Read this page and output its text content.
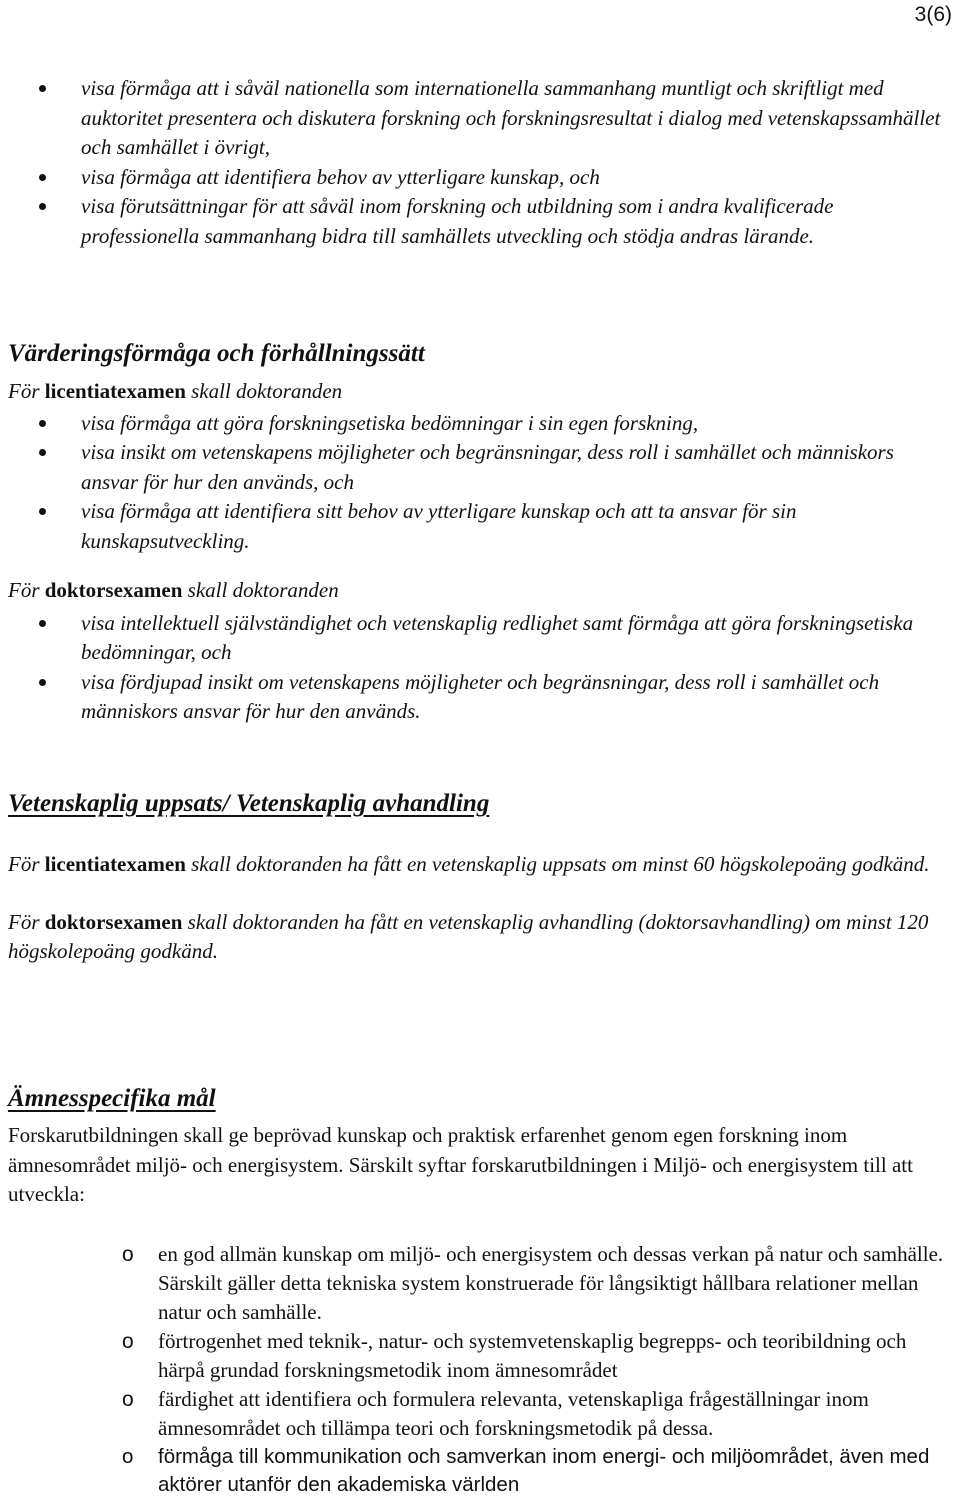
3(6)
visa förmåga att i såväl nationella som internationella sammanhang muntligt och skriftligt med auktoritet presentera och diskutera forskning och forskningsresultat i dialog med vetenskapssamhället och samhället i övrigt,
visa förmåga att identifiera behov av ytterligare kunskap, och
visa förutsättningar för att såväl inom forskning och utbildning som i andra kvalificerade professionella sammanhang bidra till samhällets utveckling och stödja andras lärande.
Värderingsförmåga och förhållningssätt

För licentiatexamen skall doktoranden

visa förmåga att göra forskningsetiska bedömningar i sin egen forskning,
visa insikt om vetenskapens möjligheter och begränsningar, dess roll i samhället och människors ansvar för hur den används, och
visa förmåga att identifiera sitt behov av ytterligare kunskap och att ta ansvar för sin kunskapsutveckling.

För doktorsexamen skall doktoranden

visa intellektuell självständighet och vetenskaplig redlighet samt förmåga att göra forskningsetiska bedömningar, och
visa fördjupad insikt om vetenskapens möjligheter och begränsningar, dess roll i samhället och människors ansvar för hur den används.
Vetenskaplig uppsats/ Vetenskaplig avhandling

För licentiatexamen skall doktoranden ha fått en vetenskaplig uppsats om minst 60 högskolepoäng godkänd.

För doktorsexamen skall doktoranden ha fått en vetenskaplig avhandling (doktorsavhandling) om minst 120 högskolepoäng godkänd.

Ämnesspecifika mål

Forskarutbildningen skall ge beprövad kunskap och praktisk erfarenhet genom egen forskning inom ämnesområdet miljö- och energisystem. Särskilt syftar forskarutbildningen i Miljö- och energisystem till att utveckla:

o en god allmän kunskap om miljö- och energisystem och dessas verkan på natur och samhälle. Särskilt gäller detta tekniska system konstruerade för långsiktigt hållbara relationer mellan natur och samhälle.
o förtrogenhet med teknik-, natur- och systemvetenskaplig begrepps- och teoribildning och härpå grundad forskningsmetodik inom ämnesområdet
o färdighet att identifiera och formulera relevanta, vetenskapliga frågeställningar inom ämnesområdet och tillämpa teori och forskningsmetodik på dessa.
o förmåga till kommunikation och samverkan inom energi- och miljöområdet, även med aktörer utanför den akademiska världen
